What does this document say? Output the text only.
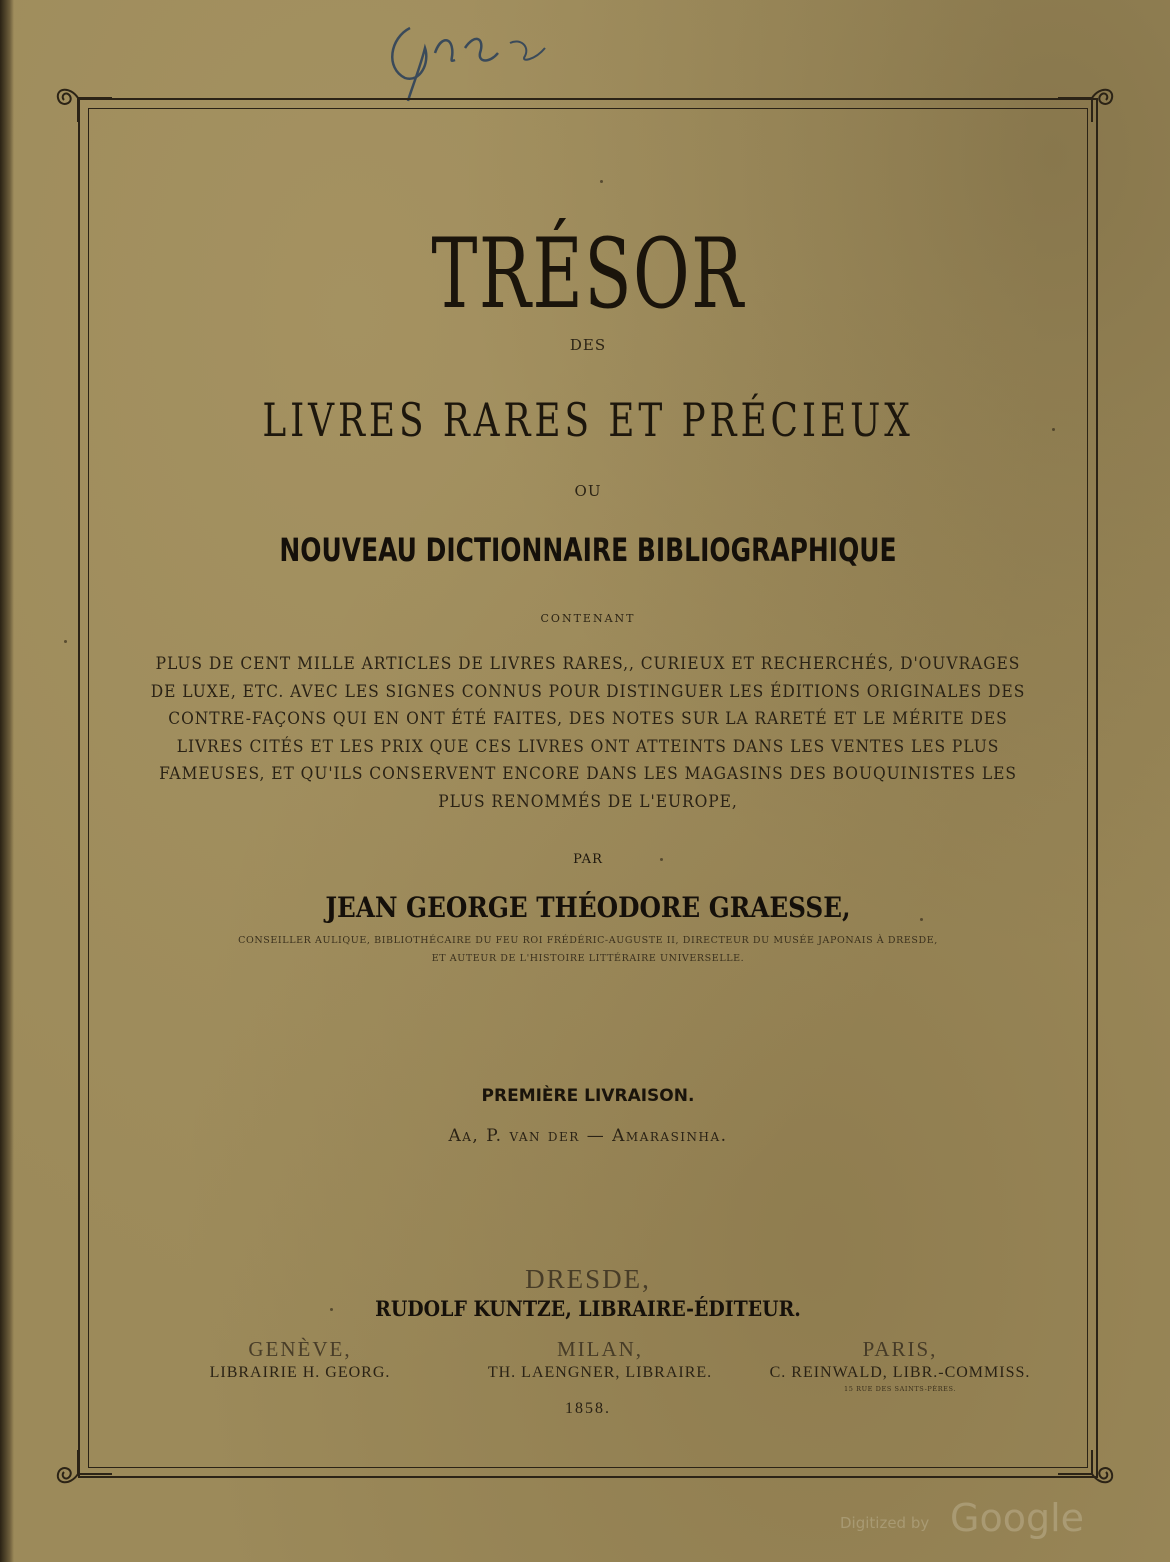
TRÉSOR
DES
LIVRES RARES ET PRÉCIEUX
OU
NOUVEAU DICTIONNAIRE BIBLIOGRAPHIQUE
CONTENANT
PLUS DE CENT MILLE ARTICLES DE LIVRES RARES,, CURIEUX ET RECHERCHÉS, D'OUVRAGES DE LUXE, ETC. AVEC LES SIGNES CONNUS POUR DISTINGUER LES ÉDITIONS ORIGINALES DES CONTRE-FAÇONS QUI EN ONT ÉTÉ FAITES, DES NOTES SUR LA RARETÉ ET LE MÉRITE DES LIVRES CITÉS ET LES PRIX QUE CES LIVRES ONT ATTEINTS DANS LES VENTES LES PLUS FAMEUSES, ET QU'ILS CONSERVENT ENCORE DANS LES MAGASINS DES BOUQUINISTES LES PLUS RENOMMÉS DE L'EUROPE,
PAR
JEAN GEORGE THÉODORE GRAESSE,
CONSEILLER AULIQUE, BIBLIOTHÉCAIRE DU FEU ROI FRÉDÉRIC-AUGUSTE II, DIRECTEUR DU MUSÉE JAPONAIS À DRESDE,
ET AUTEUR DE L'HISTOIRE LITTÉRAIRE UNIVERSELLE.
PREMIÈRE LIVRAISON.
Aa, P. van der — Amarasinha.
DRESDE,
RUDOLF KUNTZE, LIBRAIRE-ÉDITEUR.
GENÈVE,
LIBRAIRIE H. GEORG.
MILAN,
TH. LAENGNER, LIBRAIRE.
PARIS,
C. REINWALD, LIBR.-COMMISS.
15 RUE DES SAINTS-PÈRES.
1858.
Digitized by Google
